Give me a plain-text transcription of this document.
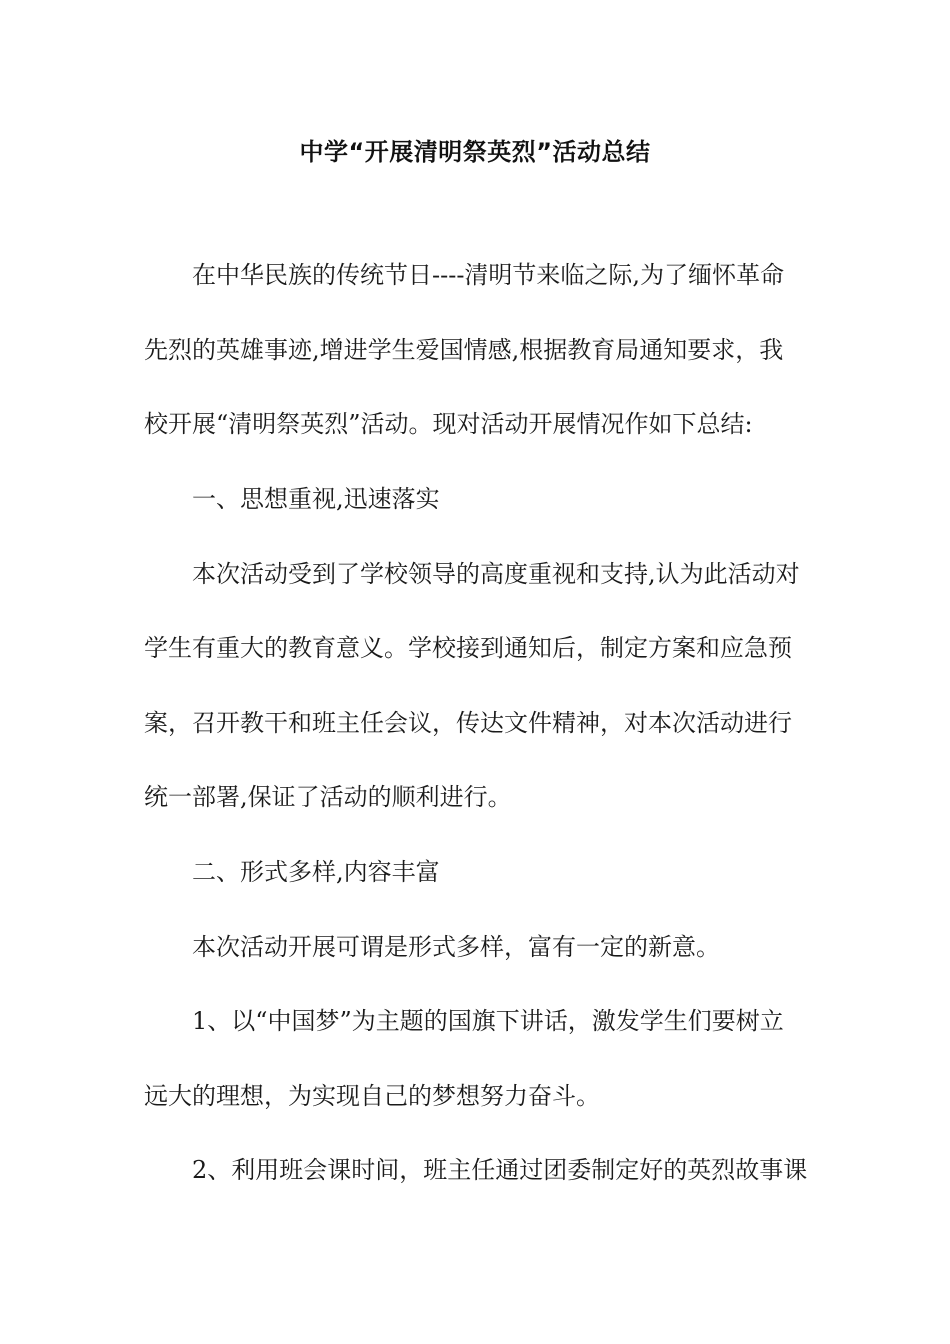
中学“开展清明祭英烈”活动总结
在中华民族的传统节日----清明节来临之际,为了缅怀革命
先烈的英雄事迹,增进学生爱国情感,根据教育局通知要求，我
校开展“清明祭英烈”活动。现对活动开展情况作如下总结:
一、思想重视,迅速落实
本次活动受到了学校领导的高度重视和支持,认为此活动对
学生有重大的教育意义。学校接到通知后，制定方案和应急预
案，召开教干和班主任会议，传达文件精神，对本次活动进行
统一部署,保证了活动的顺利进行。
二、形式多样,内容丰富
本次活动开展可谓是形式多样，富有一定的新意。
1、以“中国梦”为主题的国旗下讲话，激发学生们要树立
远大的理想，为实现自己的梦想努力奋斗。
2、利用班会课时间，班主任通过团委制定好的英烈故事课
